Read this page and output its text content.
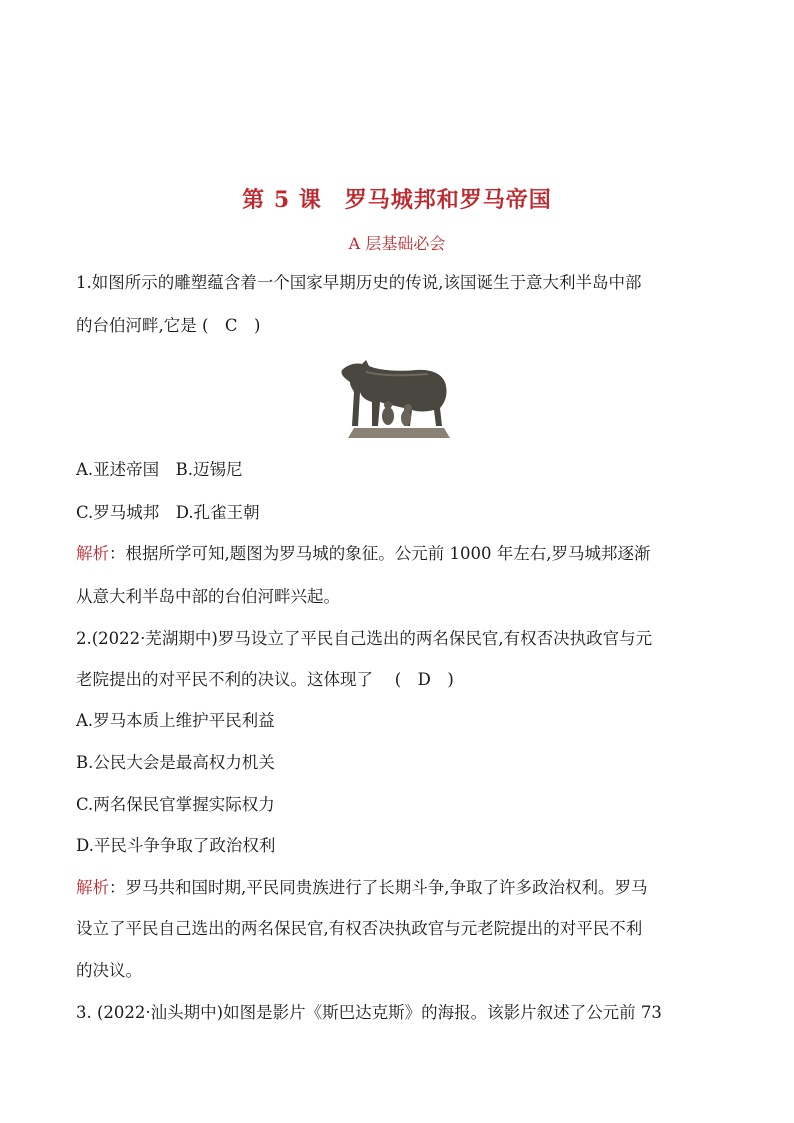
第 5 课　罗马城邦和罗马帝国
A 层基础必会
1.如图所示的雕塑蕴含着一个国家早期历史的传说,该国诞生于意大利半岛中部
的台伯河畔,它是 (　C　)
A.亚述帝国　B.迈锡尼
C.罗马城邦　D.孔雀王朝
解析：根据所学可知,题图为罗马城的象征。公元前 1000 年左右,罗马城邦逐渐
从意大利半岛中部的台伯河畔兴起。
2.(2022·芜湖期中)罗马设立了平民自己选出的两名保民官,有权否决执政官与元
老院提出的对平民不利的决议。这体现了　 (　D　)
A.罗马本质上维护平民利益
B.公民大会是最高权力机关
C.两名保民官掌握实际权力
D.平民斗争争取了政治权利
解析：罗马共和国时期,平民同贵族进行了长期斗争,争取了许多政治权利。罗马
设立了平民自己选出的两名保民官,有权否决执政官与元老院提出的对平民不利
的决议。
3. (2022·汕头期中)如图是影片《斯巴达克斯》的海报。该影片叙述了公元前 73
